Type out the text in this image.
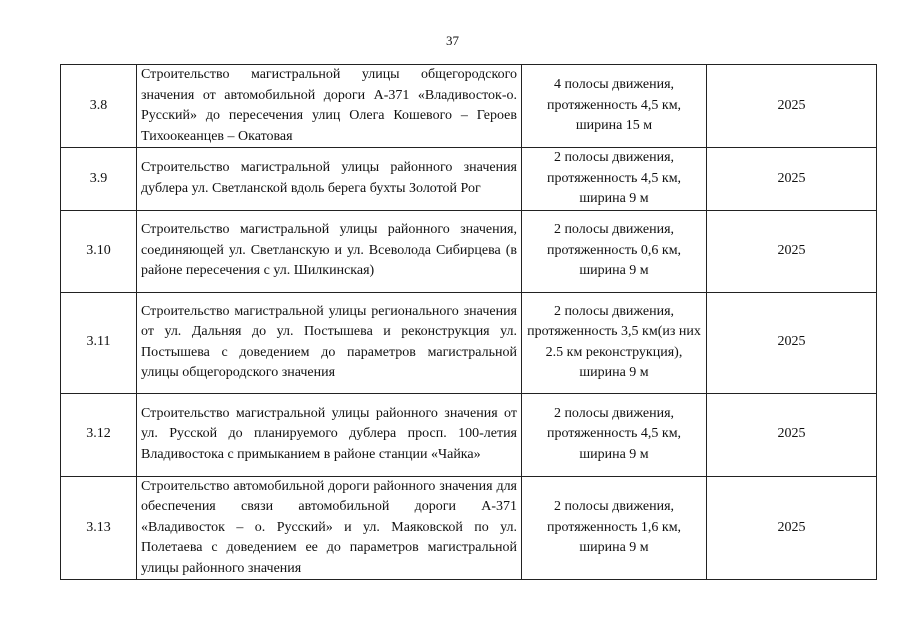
37
3.8	Строительство магистральной улицы общегородского значения от автомобильной дороги А-371 «Владивосток-о. Русский» до пересечения улиц Олега Кошевого – Героев Тихоокеанцев – Окатовая	4 полосы движения, протяженность 4,5 км, ширина 15 м	2025
3.9	Строительство магистральной улицы районного значения дублера ул. Светланской вдоль берега бухты Золотой Рог	2 полосы движения, протяженность 4,5 км, ширина 9 м	2025
3.10	Строительство магистральной улицы районного значения, соединяющей ул. Светланскую и ул. Всеволода Сибирцева (в районе пересечения с ул. Шилкинская)	2 полосы движения, протяженность 0,6 км, ширина 9 м	2025
3.11	Строительство магистральной улицы регионального значения от ул. Дальняя до ул. Постышева и реконструкция ул. Постышева с доведением до параметров магистральной улицы общегородского значения	2 полосы движения, протяженность 3,5 км(из них 2.5 км реконструкция), ширина 9 м	2025
3.12	Строительство магистральной улицы районного значения от ул. Русской до планируемого дублера просп. 100-летия Владивостока с примыканием в районе станции «Чайка»	2 полосы движения, протяженность 4,5 км, ширина 9 м	2025
3.13	Строительство автомобильной дороги районного значения для обеспечения связи автомобильной дороги А-371 «Владивосток – о. Русский» и ул. Маяковской по ул. Полетаева с доведением ее до параметров магистральной улицы районного значения	2 полосы движения, протяженность 1,6 км, ширина 9 м	2025
